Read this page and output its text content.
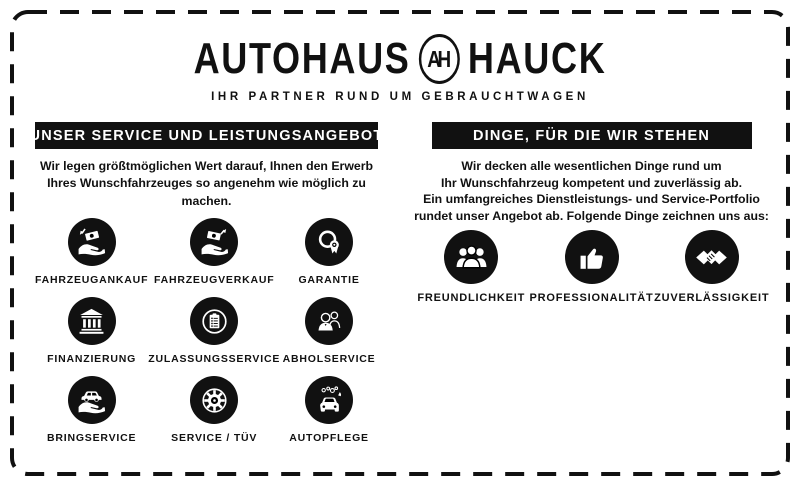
AUTOHAUS AH HAUCK
IHR PARTNER RUND UM GEBRAUCHTWAGEN
UNSER SERVICE UND LEISTUNGSANGEBOT
Wir legen größtmöglichen Wert darauf, Ihnen den Erwerb
Ihres Wunschfahrzeuges so angenehm wie möglich zu machen.
FAHRZEUGANKAUF FAHRZEUGVERKAUF GARANTIE
FINANZIERUNG ZULASSUNGSSERVICE ABHOLSERVICE
BRINGSERVICE	SERVICE / TÜV	AUTOPFLEGE
DINGE, FÜR DIE WIR STEHEN
Wir decken alle wesentlichen Dinge rund um
Ihr Wunschfahrzeug kompetent und zuverlässig ab.
Ein umfangreiches Dienstleistungs- und Service-Portfolio
rundet unser Angebot ab. Folgende Dinge zeichnen uns aus:
FREUNDLICHKEIT PROFESSIONALITÄT ZUVERLÄSSIGKEIT
